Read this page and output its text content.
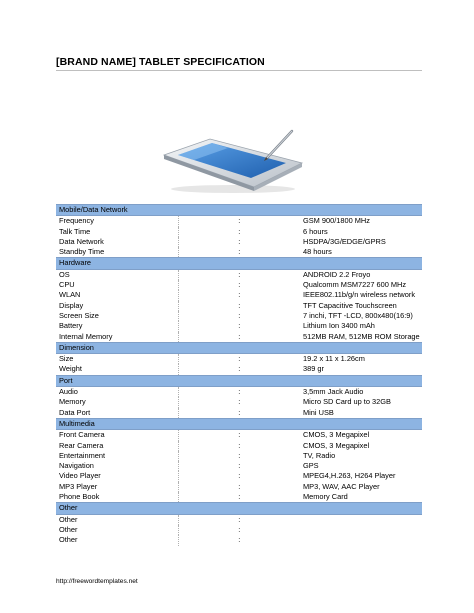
[BRAND NAME] TABLET SPECIFICATION
Mobile/Data Network		
Frequency	:	GSM 900/1800 MHz
Talk Time	:	6 hours
Data Network	:	HSDPA/3G/EDGE/GPRS
Standby Time	:	48 hours
Hardware		
OS	:	ANDROID 2.2 Froyo
CPU	:	Qualcomm MSM7227 600 MHz
WLAN	:	IEEE802.11b/g/n wireless network
Display	:	TFT Capacitive Touchscreen
Screen Size	:	7 inchi, TFT -LCD, 800x480(16:9)
Battery	:	Lithium Ion 3400 mAh
Internal Memory	:	512MB RAM, 512MB ROM Storage
Dimension		
Size	:	19.2 x 11 x 1.26cm
Weight	:	389 gr
Port		
Audio	:	3,5mm Jack Audio
Memory	:	Micro SD Card up to 32GB
Data Port	:	Mini USB
Multimedia		
Front Camera	:	CMOS, 3 Megapixel
Rear Camera	:	CMOS, 3 Megapixel
Entertainment	:	TV, Radio
Navigation	:	GPS
Video Player	:	MPEG4,H.263, H264 Player
MP3 Player	:	MP3, WAV, AAC Player
Phone Book	:	Memory Card
Other		
Other	:	
Other	:	
Other	:	
http://freewordtemplates.net
